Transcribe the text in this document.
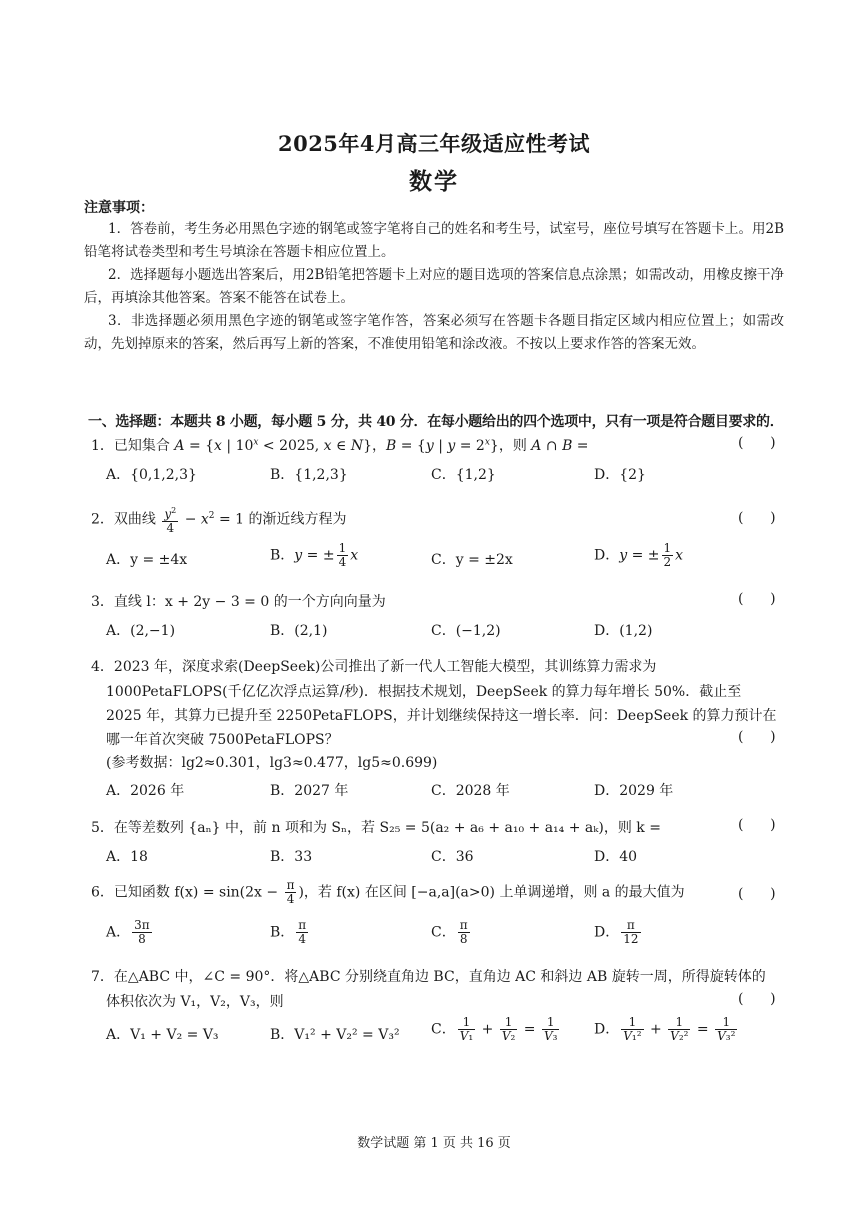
2025年4月高三年级适应性考试
数学
注意事项：
1．答卷前，考生务必用黑色字迹的钢笔或签字笔将自己的姓名和考生号，试室号，座位号填写在答题卡上。用2B铅笔将试卷类型和考生号填涂在答题卡相应位置上。
2．选择题每小题选出答案后，用2B铅笔把答题卡上对应的题目选项的答案信息点涂黑；如需改动，用橡皮擦干净后，再填涂其他答案。答案不能答在试卷上。
3．非选择题必须用黑色字迹的钢笔或签字笔作答，答案必须写在答题卡各题目指定区域内相应位置上；如需改动，先划掉原来的答案，然后再写上新的答案，不准使用铅笔和涂改液。不按以上要求作答的答案无效。
一、选择题：本题共 8 小题，每小题 5 分，共 40 分．在每小题给出的四个选项中，只有一项是符合题目要求的．
1．已知集合 A = {x | $10^x < 2025$, x ∈ N}，B = {y | $y = 2^x$}，则 A ∩ B =	(      )
A．{0,1,2,3}	B．{1,2,3}	C．{1,2}	D．{2}
2．双曲线 $\frac{y^2}{4} - x^2 = 1$ 的渐近线方程为	(      )
A．y = ±4x	B．y = ± $\frac{1}{4}$ x	C．y = ±2x	D．y = ± $\frac{1}{2}$ x
3．直线 l：x + 2y − 3 = 0 的一个方向向量为	(      )
A．(2,−1)	B．(2,1)	C．(−1,2)	D．(1,2)
4．2023 年，深度求索(DeepSeek)公司推出了新一代人工智能大模型，其训练算力需求为
1000PetaFLOPS(千亿亿次浮点运算/秒)．根据技术规划，DeepSeek 的算力每年增长 50%．截止至
2025 年，其算力已提升至 2250PetaFLOPS，并计划继续保持这一增长率．问：DeepSeek 的算力预计在
哪一年首次突破 7500PetaFLOPS？	(      )
(参考数据：lg2≈0.301，lg3≈0.477，lg5≈0.699)
A．2026 年	B．2027 年	C．2028 年	D．2029 年
5．在等差数列 {aₙ} 中，前 n 项和为 Sₙ，若 S₂₅ = 5(a₂ + a₆ + a₁₀ + a₁₄ + aₖ)，则 k =	(      )
A．18	B．33	C．36	D．40
6．已知函数 $f(x) = \sin(2x - \frac{\pi}{4}$ )，若 f(x) 在区间 [−a,a](a>0) 上单调递增，则 a 的最大值为	(      )
A． $\frac{3\pi}{8}$	B． $\frac{\pi}{4}$	C． $\frac{\pi}{8}$	D． $\frac{\pi}{12}$
7．在△ABC 中，∠C = 90°．将△ABC 分别绕直角边 BC，直角边 AC 和斜边 AB 旋转一周，所得旋转体的
体积依次为 V₁，V₂，V₃，则	(      )
A．V₁ + V₂ = V₃	B．V₁² + V₂² = V₃² C． $\frac{1}{\text{V₁}} + \frac{1}{\text{V₂}} = \frac{1}{\text{V₃}}$ D． $\frac{1}{\text{V₁²}} + \frac{1}{\text{V₂²}} = \frac{1}{\text{V₃²}}$
数学试题 第 1 页 共 16 页
